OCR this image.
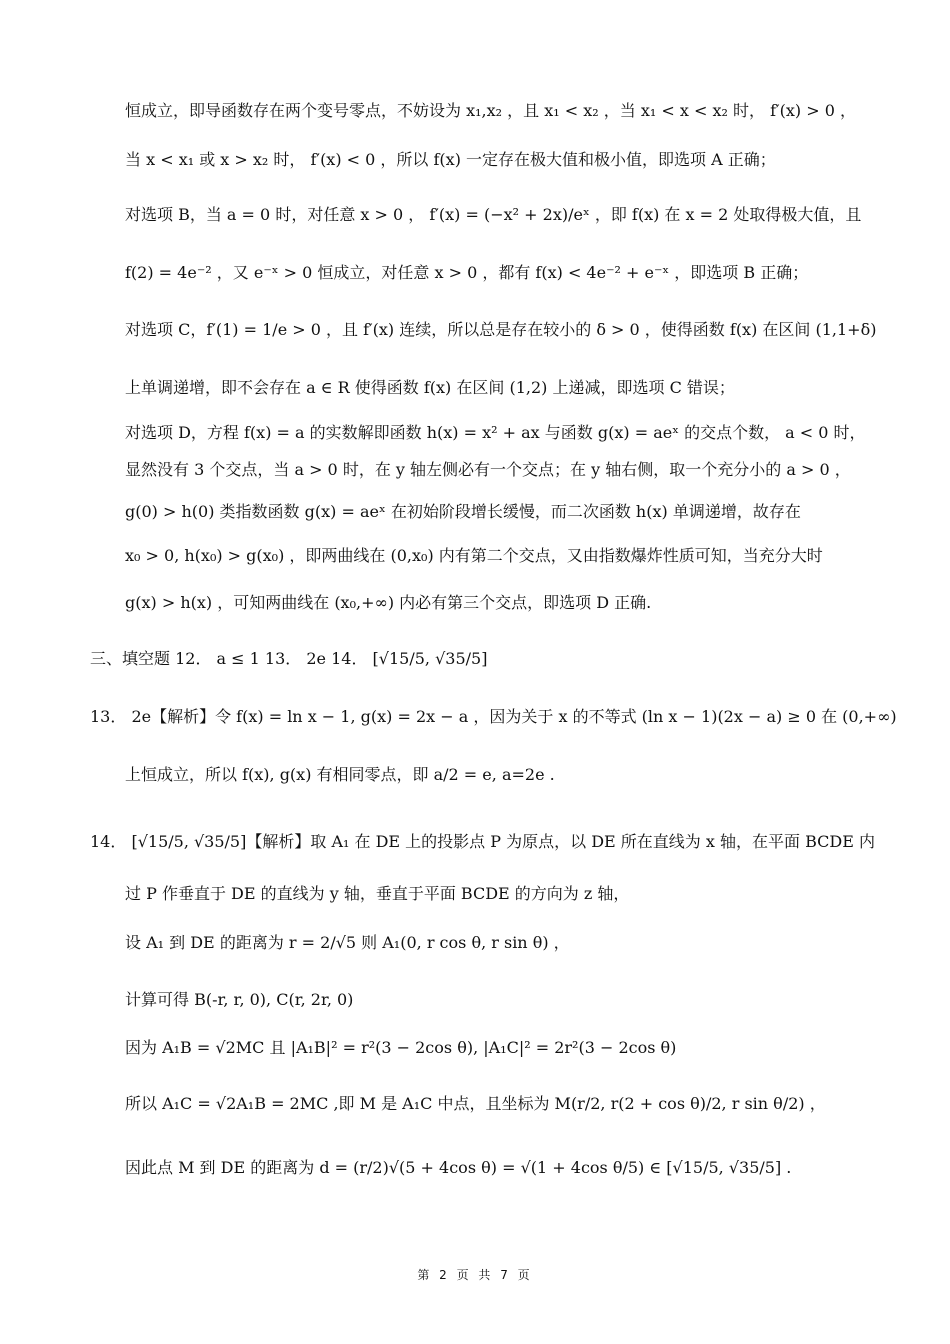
恒成立，即导函数存在两个变号零点，不妨设为 x₁,x₂ ，且 x₁ < x₂ ，当 x₁ < x < x₂ 时， f′(x) > 0 ，
当 x < x₁ 或 x > x₂ 时， f′(x) < 0 ，所以 f(x) 一定存在极大值和极小值，即选项 A 正确；
对选项 B，当 a = 0 时，对任意 x > 0 ， f′(x) = (−x² + 2x)/eˣ ，即 f(x) 在 x = 2 处取得极大值，且
f(2) = 4e⁻² ，又 e⁻ˣ > 0 恒成立，对任意 x > 0 ，都有 f(x) < 4e⁻² + e⁻ˣ ，即选项 B 正确；
对选项 C，f′(1) = 1/e > 0 ，且 f′(x) 连续，所以总是存在较小的 δ > 0 ，使得函数 f(x) 在区间 (1,1+δ)
上单调递增，即不会存在 a ∈ R 使得函数 f(x) 在区间 (1,2) 上递减，即选项 C 错误；
对选项 D，方程 f(x) = a 的实数解即函数 h(x) = x² + ax 与函数 g(x) = aeˣ 的交点个数， a < 0 时，
显然没有 3 个交点，当 a > 0 时，在 y 轴左侧必有一个交点；在 y 轴右侧，取一个充分小的 a > 0 ，
g(0) > h(0) 类指数函数 g(x) = aeˣ 在初始阶段增长缓慢，而二次函数 h(x) 单调递增，故存在
x₀ > 0, h(x₀) > g(x₀) ，即两曲线在 (0,x₀) 内有第二个交点，又由指数爆炸性质可知，当充分大时
g(x) > h(x) ，可知两曲线在 (x₀,+∞) 内必有第三个交点，即选项 D 正确.
三、填空题 12． a ≤ 1 13． 2e 14． [√15/5, √35/5]
13． 2e【解析】令 f(x) = ln x − 1, g(x) = 2x − a ，因为关于 x 的不等式 (ln x − 1)(2x − a) ≥ 0 在 (0,+∞)
上恒成立，所以 f(x), g(x) 有相同零点，即 a/2 = e, a=2e .
14． [√15/5, √35/5]【解析】取 A₁ 在 DE 上的投影点 P 为原点，以 DE 所在直线为 x 轴，在平面 BCDE 内
过 P 作垂直于 DE 的直线为 y 轴，垂直于平面 BCDE 的方向为 z 轴，
设 A₁ 到 DE 的距离为 r = 2/√5 则 A₁(0, r cos θ, r sin θ) ，
计算可得 B(-r, r, 0), C(r, 2r, 0)
因为 A₁B = √2MC 且 |A₁B|² = r²(3 − 2cos θ), |A₁C|² = 2r²(3 − 2cos θ)
所以 A₁C = √2A₁B = 2MC ,即 M 是 A₁C 中点，且坐标为 M(r/2, r(2 + cos θ)/2, r sin θ/2) ，
因此点 M 到 DE 的距离为 d = (r/2)√(5 + 4cos θ) = √(1 + 4cos θ/5) ∈ [√15/5, √35/5] .
第 2 页 共 7 页
